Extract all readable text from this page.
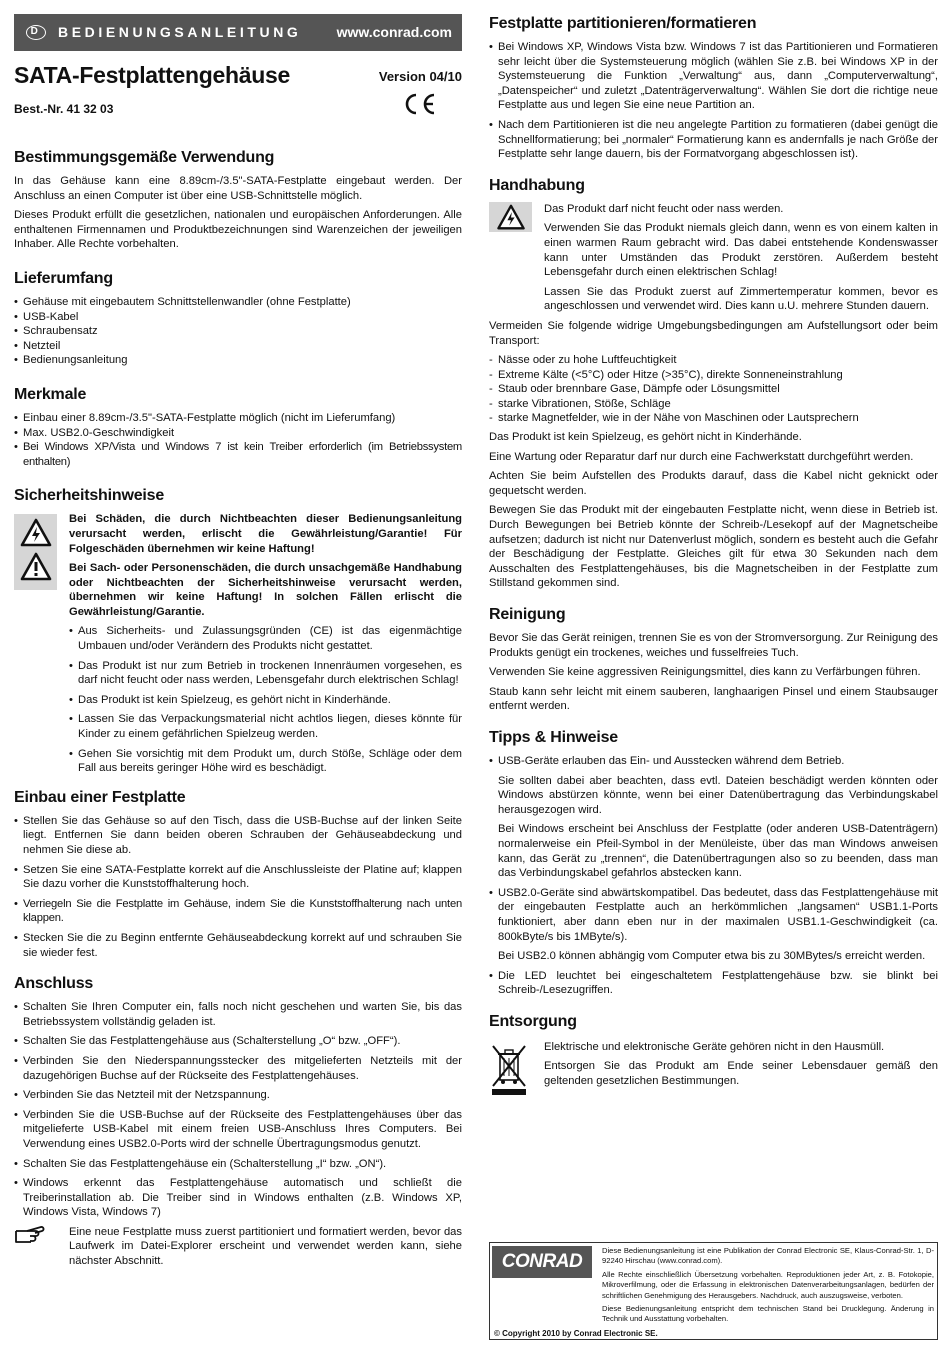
D	BEDIENUNGSANLEITUNG	www.conrad.com
SATA-Festplattengehäuse
Best.-Nr. 41 32 03
Version 04/10
Bestimmungsgemäße Verwendung

In das Gehäuse kann eine 8.89cm-/3.5"-SATA-Festplatte eingebaut werden. Der Anschluss an einen Computer ist über eine USB-Schnittstelle möglich.

Dieses Produkt erfüllt die gesetzlichen, nationalen und europäischen Anforderungen. Alle enthaltenen Firmennamen und Produktbezeichnungen sind Warenzeichen der jeweiligen Inhaber. Alle Rechte vorbehalten.

Lieferumfang
• Gehäuse mit eingebautem Schnittstellenwandler (ohne Festplatte)
• USB-Kabel
• Schraubensatz
• Netzteil
• Bedienungsanleitung
Merkmale
• Einbau einer 8.89cm-/3.5"-SATA-Festplatte möglich (nicht im Lieferumfang)
• Max. USB2.0-Geschwindigkeit
• Bei Windows XP/Vista und Windows 7 ist kein Treiber erforderlich (im Betriebssystem enthalten)
Sicherheitshinweise

Bei Schäden, die durch Nichtbeachten dieser Bedienungsanleitung verursacht werden, erlischt die Gewährleistung/Garantie! Für Folgeschäden übernehmen wir keine Haftung!

Bei Sach- oder Personenschäden, die durch unsachgemäße Handhabung oder Nichtbeachten der Sicherheitshinweise verursacht werden, übernehmen wir keine Haftung! In solchen Fällen erlischt die Gewährleistung/Garantie.

• Aus Sicherheits- und Zulassungsgründen (CE) ist das eigenmächtige Umbauen und/oder Verändern des Produkts nicht gestattet.
• Das Produkt ist nur zum Betrieb in trockenen Innenräumen vorgesehen, es darf nicht feucht oder nass werden, Lebensgefahr durch elektrischen Schlag!
• Das Produkt ist kein Spielzeug, es gehört nicht in Kinderhände.
• Lassen Sie das Verpackungsmaterial nicht achtlos liegen, dieses könnte für Kinder zu einem gefährlichen Spielzeug werden.
• Gehen Sie vorsichtig mit dem Produkt um, durch Stöße, Schläge oder dem Fall aus bereits geringer Höhe wird es beschädigt.
Einbau einer Festplatte
• Stellen Sie das Gehäuse so auf den Tisch, dass die USB-Buchse auf der linken Seite liegt. Entfernen Sie dann beiden oberen Schrauben der Gehäuseabdeckung und nehmen Sie diese ab.
• Setzen Sie eine SATA-Festplatte korrekt auf die Anschlussleiste der Platine auf; klappen Sie dazu vorher die Kunststoffhalterung hoch.
• Verriegeln Sie die Festplatte im Gehäuse, indem Sie die Kunststoffhalterung nach unten klappen.
• Stecken Sie die zu Beginn entfernte Gehäuseabdeckung korrekt auf und schrauben Sie sie wieder fest.
Anschluss
• Schalten Sie Ihren Computer ein, falls noch nicht geschehen und warten Sie, bis das Betriebssystem vollständig geladen ist.
• Schalten Sie das Festplattengehäuse aus (Schalterstellung „O“ bzw. „OFF“).
• Verbinden Sie den Niederspannungsstecker des mitgelieferten Netzteils mit der dazugehörigen Buchse auf der Rückseite des Festplattengehäuses.
• Verbinden Sie das Netzteil mit der Netzspannung.
• Verbinden Sie die USB-Buchse auf der Rückseite des Festplattengehäuses über das mitgelieferte USB-Kabel mit einem freien USB-Anschluss Ihres Computers. Bei Verwendung eines USB2.0-Ports wird der schnelle Übertragungsmodus genutzt.
• Schalten Sie das Festplattengehäuse ein (Schalterstellung „I“ bzw. „ON“).
• Windows erkennt das Festplattengehäuse automatisch und schließt die Treiberinstallation ab. Die Treiber sind in Windows enthalten (z.B. Windows XP, Windows Vista, Windows 7)

Eine neue Festplatte muss zuerst partitioniert und formatiert werden, bevor das Laufwerk im Datei-Explorer erscheint und verwendet werden kann, siehe nächster Abschnitt.

Festplatte partitionieren/formatieren
• Bei Windows XP, Windows Vista bzw. Windows 7 ist das Partitionieren und Formatieren sehr leicht über die Systemsteuerung möglich (wählen Sie z.B. bei Windows XP in der Systemsteuerung die Funktion „Verwaltung“ aus, dann „Computerverwaltung“, „Datenspeicher“ und zuletzt „Datenträgerverwaltung“. Wählen Sie dort die richtige neue Festplatte aus und legen Sie eine neue Partition an.
• Nach dem Partitionieren ist die neu angelegte Partition zu formatieren (dabei genügt die Schnellformatierung; bei „normaler“ Formatierung kann es andernfalls je nach Größe der Festplatte sehr lange dauern, bis der Formatvorgang abgeschlossen ist).
Handhabung

Das Produkt darf nicht feucht oder nass werden.

Verwenden Sie das Produkt niemals gleich dann, wenn es von einem kalten in einen warmen Raum gebracht wird. Das dabei entstehende Kondenswasser kann unter Umständen das Produkt zerstören. Außerdem besteht Lebensgefahr durch einen elektrischen Schlag!

Lassen Sie das Produkt zuerst auf Zimmertemperatur kommen, bevor es angeschlossen und verwendet wird. Dies kann u.U. mehrere Stunden dauern.

Vermeiden Sie folgende widrige Umgebungsbedingungen am Aufstellungsort oder beim Transport:

- Nässe oder zu hohe Luftfeuchtigkeit
- Extreme Kälte (<5°C) oder Hitze (>35°C), direkte Sonneneinstrahlung
- Staub oder brennbare Gase, Dämpfe oder Lösungsmittel
- starke Vibrationen, Stöße, Schläge
- starke Magnetfelder, wie in der Nähe von Maschinen oder Lautsprechern

Das Produkt ist kein Spielzeug, es gehört nicht in Kinderhände.

Eine Wartung oder Reparatur darf nur durch eine Fachwerkstatt durchgeführt werden.

Achten Sie beim Aufstellen des Produkts darauf, dass die Kabel nicht geknickt oder gequetscht werden.

Bewegen Sie das Produkt mit der eingebauten Festplatte nicht, wenn diese in Betrieb ist. Durch Bewegungen bei Betrieb könnte der Schreib-/Lesekopf auf der Magnetscheibe aufsetzen; dadurch ist nicht nur Datenverlust möglich, sondern es besteht auch die Gefahr der Beschädigung der Festplatte. Gleiches gilt für etwa 30 Sekunden nach dem Ausschalten des Festplattengehäuses, bis die Magnetscheiben in der Festplatte zum Stillstand gekommen sind.

Reinigung

Bevor Sie das Gerät reinigen, trennen Sie es von der Stromversorgung. Zur Reinigung des Produkts genügt ein trockenes, weiches und fusselfreies Tuch.

Verwenden Sie keine aggressiven Reinigungsmittel, dies kann zu Verfärbungen führen.

Staub kann sehr leicht mit einem sauberen, langhaarigen Pinsel und einem Staubsauger entfernt werden.

Tipps & Hinweise
• USB-Geräte erlauben das Ein- und Ausstecken während dem Betrieb.
Sie sollten dabei aber beachten, dass evtl. Dateien beschädigt werden könnten oder Windows abstürzen könnte, wenn bei einer Datenübertragung das Verbindungskabel herausgezogen wird.
Bei Windows erscheint bei Anschluss der Festplatte (oder anderen USB-Datenträgern) normalerweise ein Pfeil-Symbol in der Menüleiste, über das man Windows anweisen kann, das Gerät zu „trennen“, die Datenübertragungen also so zu beenden, dass man das Verbindungskabel gefahrlos abstecken kann.
• USB2.0-Geräte sind abwärtskompatibel. Das bedeutet, dass das Festplattengehäuse mit der eingebauten Festplatte auch an herkömmlichen „langsamen“ USB1.1-Ports funktioniert, aber dann eben nur in der maximalen USB1.1-Geschwindigkeit (ca. 800kByte/s bis 1MByte/s).
Bei USB2.0 können abhängig vom Computer etwa bis zu 30MBytes/s erreicht werden.
• Die LED leuchtet bei eingeschaltetem Festplattengehäuse bzw. sie blinkt bei Schreib-/Lesezugriffen.
Entsorgung

Elektrische und elektronische Geräte gehören nicht in den Hausmüll.

Entsorgen Sie das Produkt am Ende seiner Lebensdauer gemäß den geltenden gesetzlichen Bestimmungen.

CONRAD
Diese Bedienungsanleitung ist eine Publikation der Conrad Electronic SE, Klaus-Conrad-Str. 1, D-92240 Hirschau (www.conrad.com).
Alle Rechte einschließlich Übersetzung vorbehalten. Reproduktionen jeder Art, z. B. Fotokopie, Mikroverfilmung, oder die Erfassung in elektronischen Datenverarbeitungsanlagen, bedürfen der schriftlichen Genehmigung des Herausgebers. Nachdruck, auch auszugsweise, verboten.
Diese Bedienungsanleitung entspricht dem technischen Stand bei Drucklegung. Änderung in Technik und Ausstattung vorbehalten.
© Copyright 2010 by Conrad Electronic SE.
